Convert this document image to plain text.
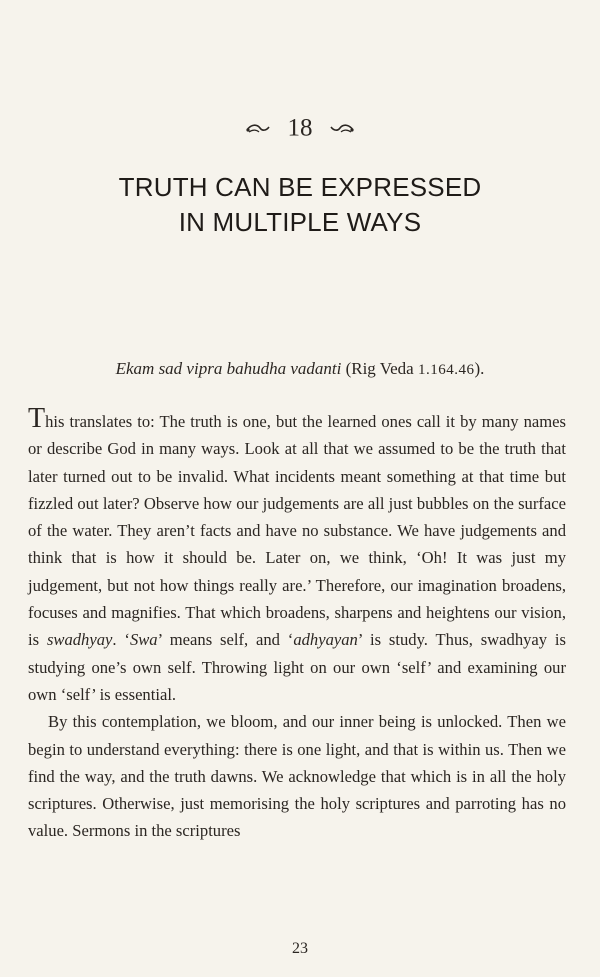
18
TRUTH CAN BE EXPRESSED
IN MULTIPLE WAYS
Ekam sad vipra bahudha vadanti (Rig Veda 1.164.46).

This translates to: The truth is one, but the learned ones call it by many names or describe God in many ways. Look at all that we assumed to be the truth that later turned out to be invalid. What incidents meant something at that time but fizzled out later? Observe how our judgements are all just bubbles on the surface of the water. They aren’t facts and have no substance. We have judgements and think that is how it should be. Later on, we think, ‘Oh! It was just my judgement, but not how things really are.’ Therefore, our imagination broadens, focuses and magnifies. That which broadens, sharpens and heightens our vision, is swadhyay. ‘Swa’ means self, and ‘adhyayan’ is study. Thus, swadhyay is studying one’s own self. Throwing light on our own ‘self’ and examining our own ‘self’ is essential.

By this contemplation, we bloom, and our inner being is unlocked. Then we begin to understand everything: there is one light, and that is within us. Then we find the way, and the truth dawns. We acknowledge that which is in all the holy scriptures. Otherwise, just memorising the holy scriptures and parroting has no value. Sermons in the scriptures

23
